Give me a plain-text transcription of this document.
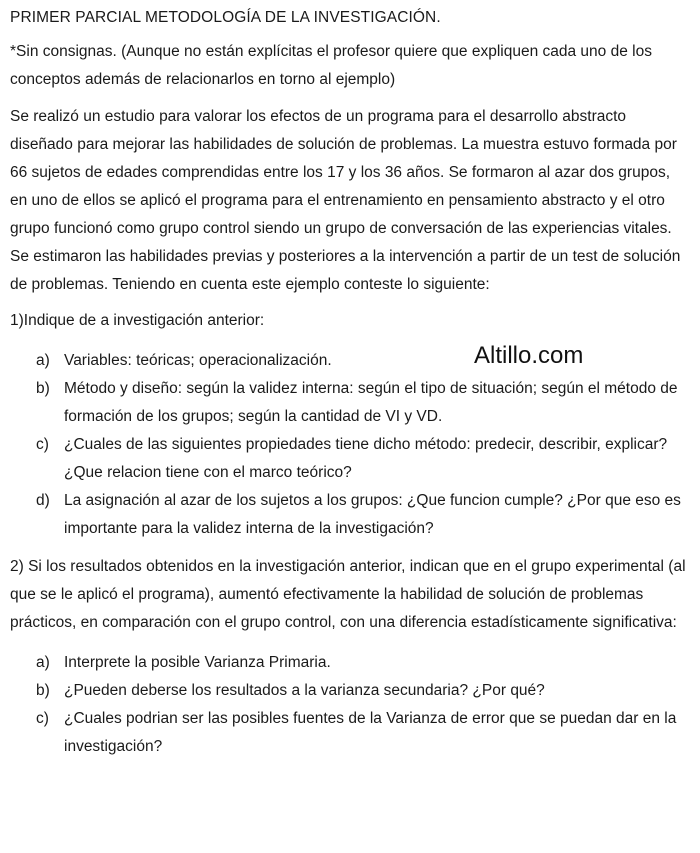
PRIMER PARCIAL METODOLOGÍA DE LA INVESTIGACIÓN.
*Sin consignas. (Aunque no están explícitas el profesor quiere que expliquen cada uno de los conceptos además de relacionarlos en torno al ejemplo)
Se realizó un estudio para valorar los efectos de un programa para el desarrollo abstracto diseñado para mejorar las habilidades de solución de problemas. La muestra estuvo formada por 66 sujetos de edades comprendidas entre los 17 y los 36 años. Se formaron al azar dos grupos, en uno de ellos se aplicó el programa para el entrenamiento en pensamiento abstracto y el otro grupo funcionó como grupo control siendo un grupo de conversación de las experiencias vitales. Se estimaron las habilidades previas y posteriores a la intervención a partir de un test de solución de problemas. Teniendo en cuenta este ejemplo conteste lo siguiente:
1)Indique de a investigación anterior:
a) Variables: teóricas; operacionalización.
b) Método y diseño: según la validez interna: según el tipo de situación; según el método de formación de los grupos; según la cantidad de VI y VD.
c) ¿Cuales de las siguientes propiedades tiene dicho método: predecir, describir, explicar? ¿Que relacion tiene con el marco teórico?
d) La asignación al azar de los sujetos a los grupos: ¿Que funcion cumple? ¿Por que eso es importante para la validez interna de la investigación?
2) Si los resultados obtenidos en la investigación anterior, indican que en el grupo experimental (al que se le aplicó el programa), aumentó efectivamente la habilidad de solución de problemas prácticos, en comparación con el grupo control, con una diferencia estadísticamente significativa:
a) Interprete la posible Varianza Primaria.
b) ¿Pueden deberse los resultados a la varianza secundaria? ¿Por qué?
c) ¿Cuales podrian ser las posibles fuentes de la Varianza de error que se puedan dar en la investigación?
Altillo.com
